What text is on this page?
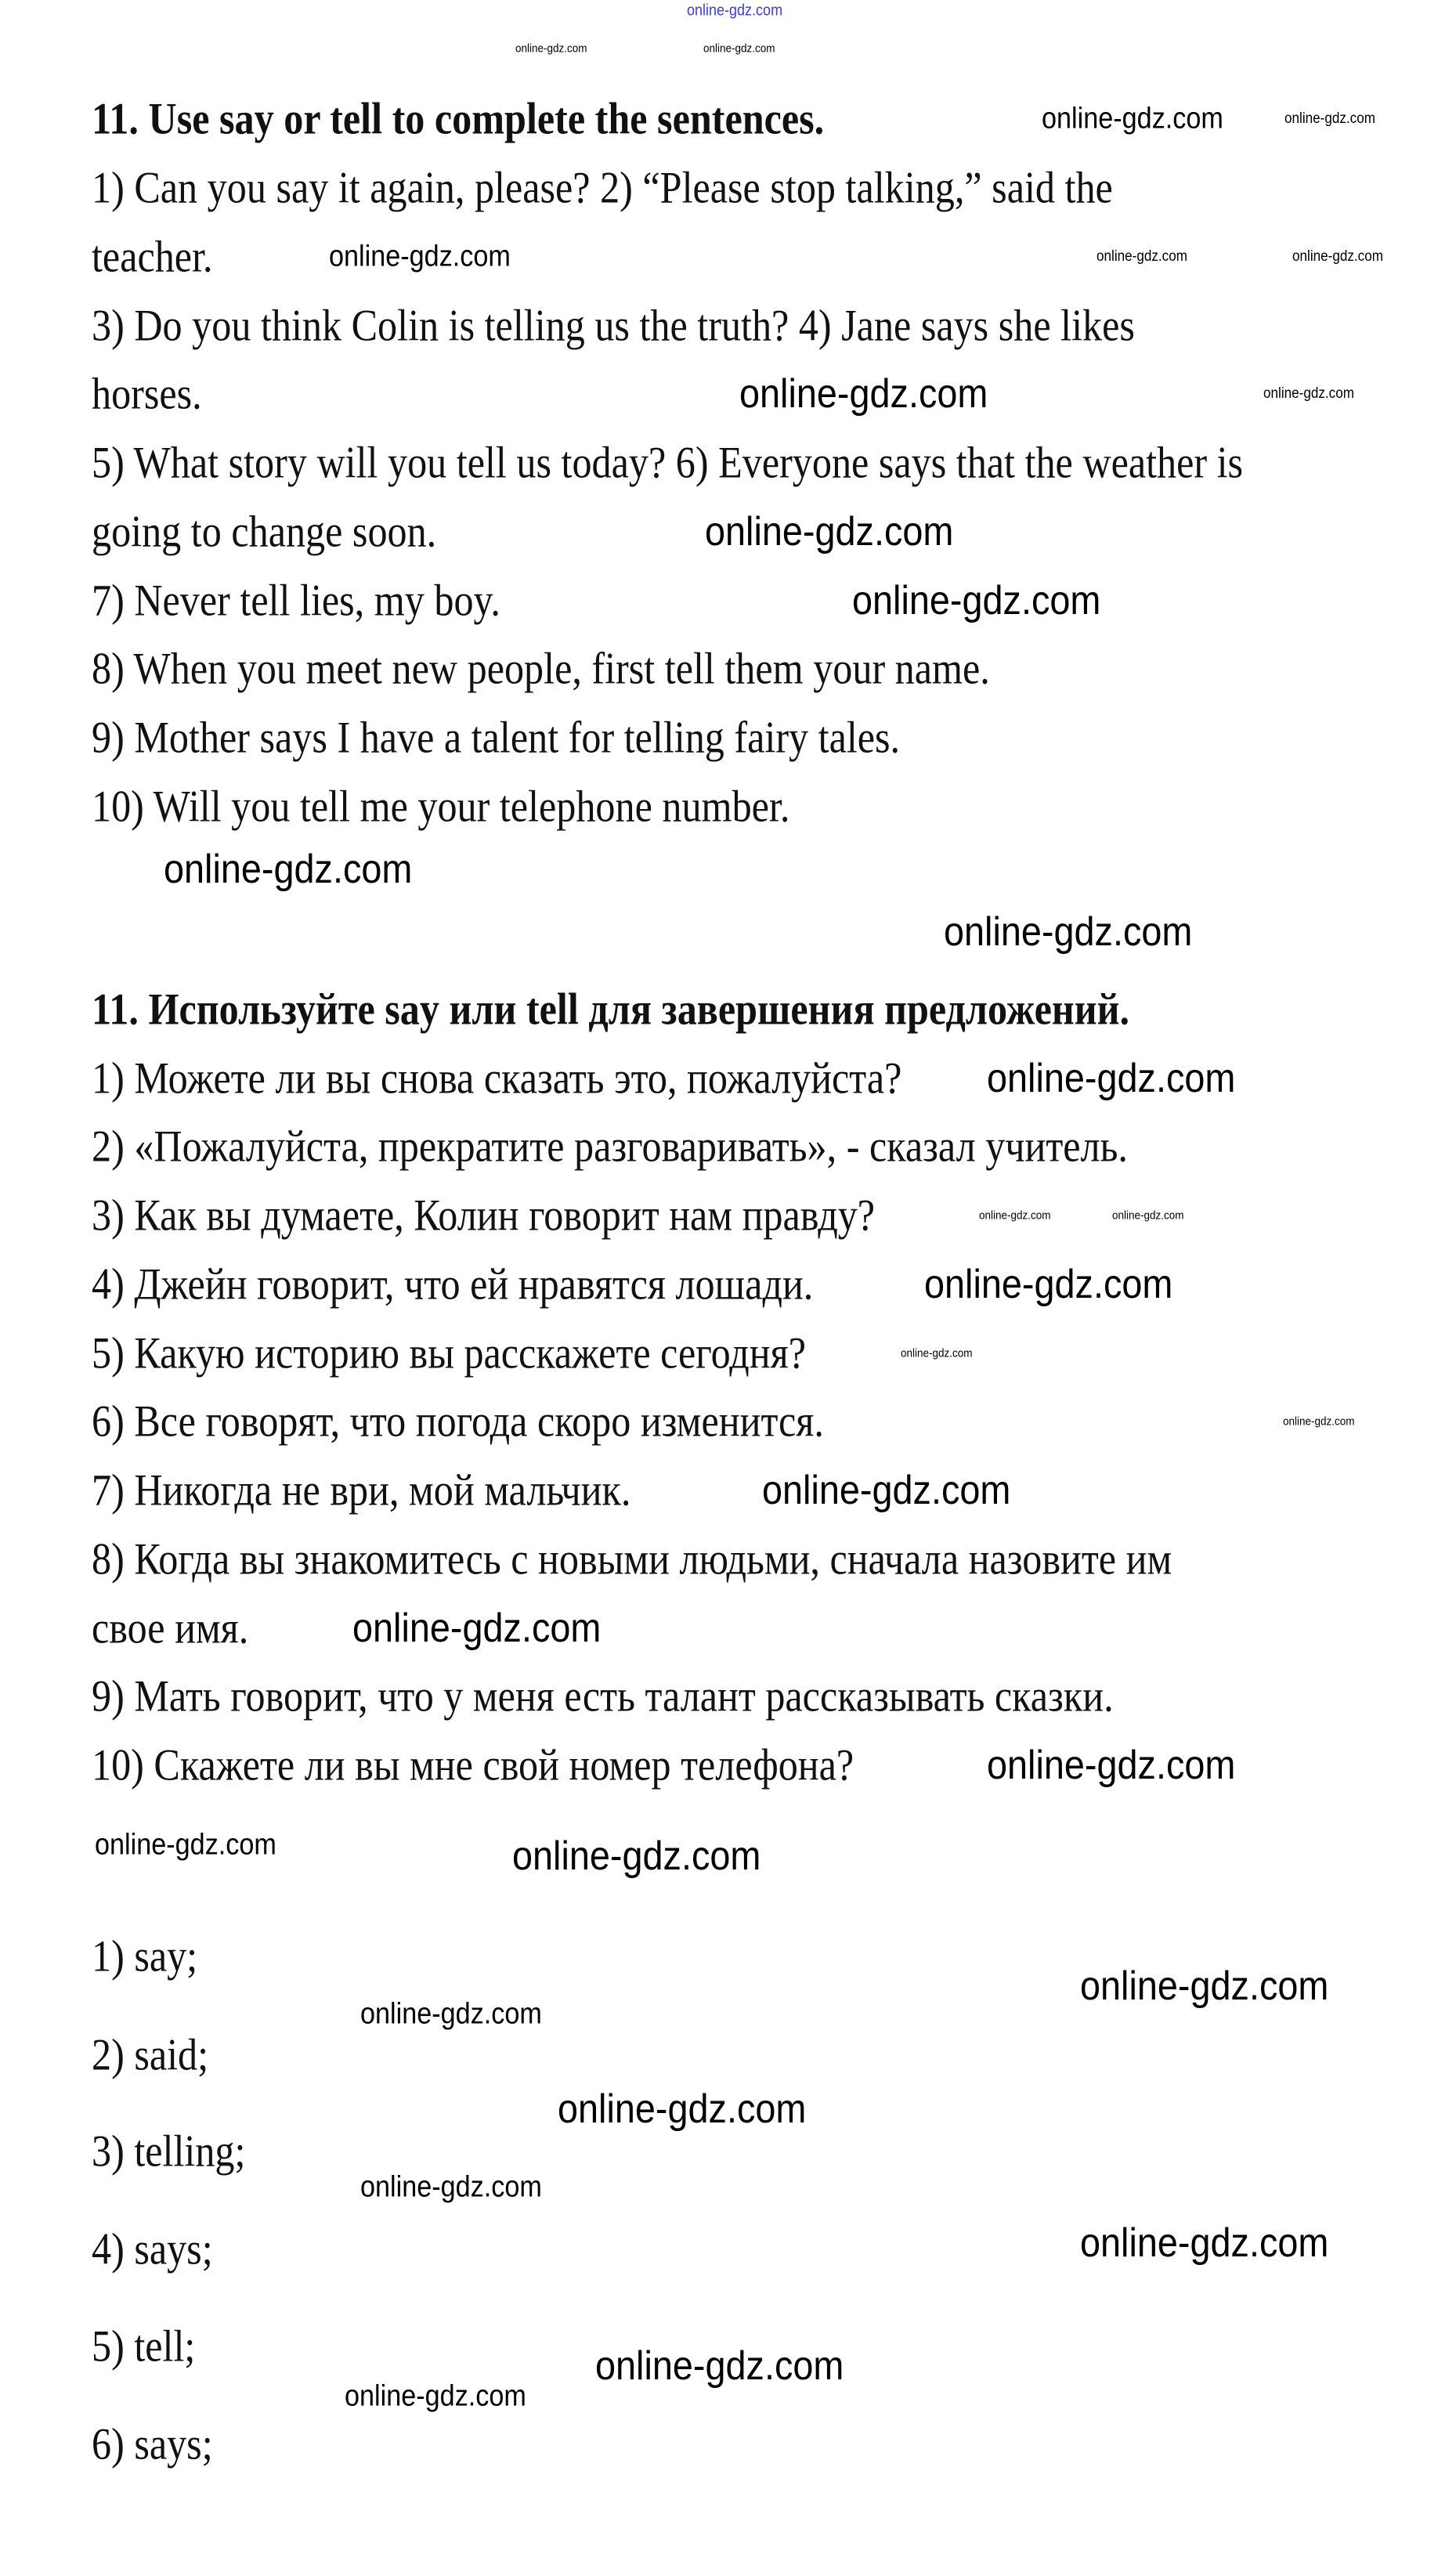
11. Use say or tell to complete the sentences.
1) Can you say it again, please? 2) “Please stop talking,” said the
teacher.
3) Do you think Colin is telling us the truth? 4) Jane says she likes
horses.
5) What story will you tell us today? 6) Everyone says that the weather is
going to change soon.
7) Never tell lies, my boy.
8) When you meet new people, first tell them your name.
9) Mother says I have a talent for telling fairy tales.
10) Will you tell me your telephone number.
11. Используйте say или tell для завершения предложений.
1) Можете ли вы снова сказать это, пожалуйста?
2) «Пожалуйста, прекратите разговаривать», - сказал учитель.
3) Как вы думаете, Колин говорит нам правду?
4) Джейн говорит, что ей нравятся лошади.
5) Какую историю вы расскажете сегодня?
6) Все говорят, что погода скоро изменится.
7) Никогда не ври, мой мальчик.
8) Когда вы знакомитесь с новыми людьми, сначала назовите им
свое имя.
9) Мать говорит, что у меня есть талант рассказывать сказки.
10) Скажете ли вы мне свой номер телефона?
1) say;
2) said;
3) telling;
4) says;
5) tell;
6) says;
online-gdz.com
online-gdz.com	online-gdz.com
online-gdz.com	online-gdz.com
online-gdz.com	online-gdz.com
online-gdz.com
online-gdz.com	online-gdz.com
online-gdz.com
online-gdz.com
online-gdz.com
online-gdz.com
online-gdz.com
online-gdz.com
online-gdz.com
online-gdz.com
online-gdz.com
online-gdz.com
online-gdz.com
online-gdz.com
online-gdz.com
online-gdz.com	online-gdz.com
online-gdz.com
online-gdz.com
online-gdz.com
online-gdz.com
online-gdz.com
online-gdz.com
online-gdz.com
